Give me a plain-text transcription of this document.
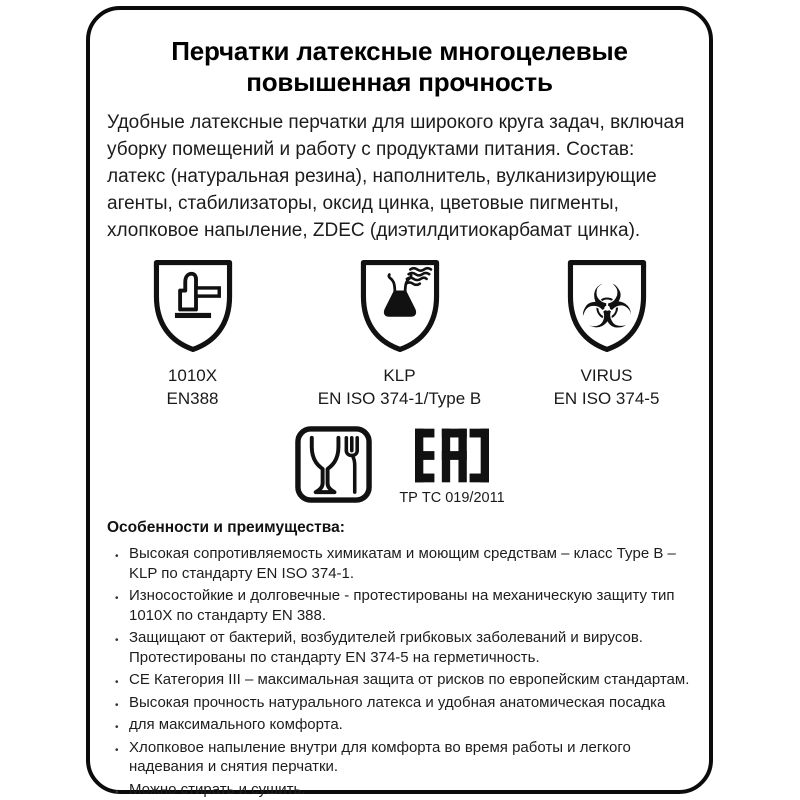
Перчатки латексные многоцелевые
повышенная прочность

Удобные латексные перчатки для широкого круга задач, включая уборку помещений и работу с продуктами питания. Состав: латекс (натуральная резина), наполнитель, вулканизирующие агенты, стабилизаторы, оксид цинка, цветовые пигменты, хлопковое напыление, ZDEC (диэтилдитиокарбамат цинка).

1010X
EN388
KLP
EN ISO 374-1/Type B
☣
VIRUS
EN ISO 374-5
ТР ТС 019/2011
Особенности и преимущества:
• Высокая сопротивляемость химикатам и моющим средствам – класс Type B – KLP по стандарту EN ISO 374-1.
• Износостойкие и долговечные - протестированы на механическую защиту тип 1010X по стандарту EN 388.
• Защищают от бактерий, возбудителей грибковых заболеваний и вирусов. Протестированы по стандарту EN 374-5 на герметичность.
• CE Категория III – максимальная защита от рисков по европейским стандартам.
• Высокая прочность натурального латекса и удобная анатомическая посадка
• для максимального комфорта.
• Хлопковое напыление внутри для комфорта во время работы и легкого надевания и снятия перчатки.
• Можно стирать и сушить.
